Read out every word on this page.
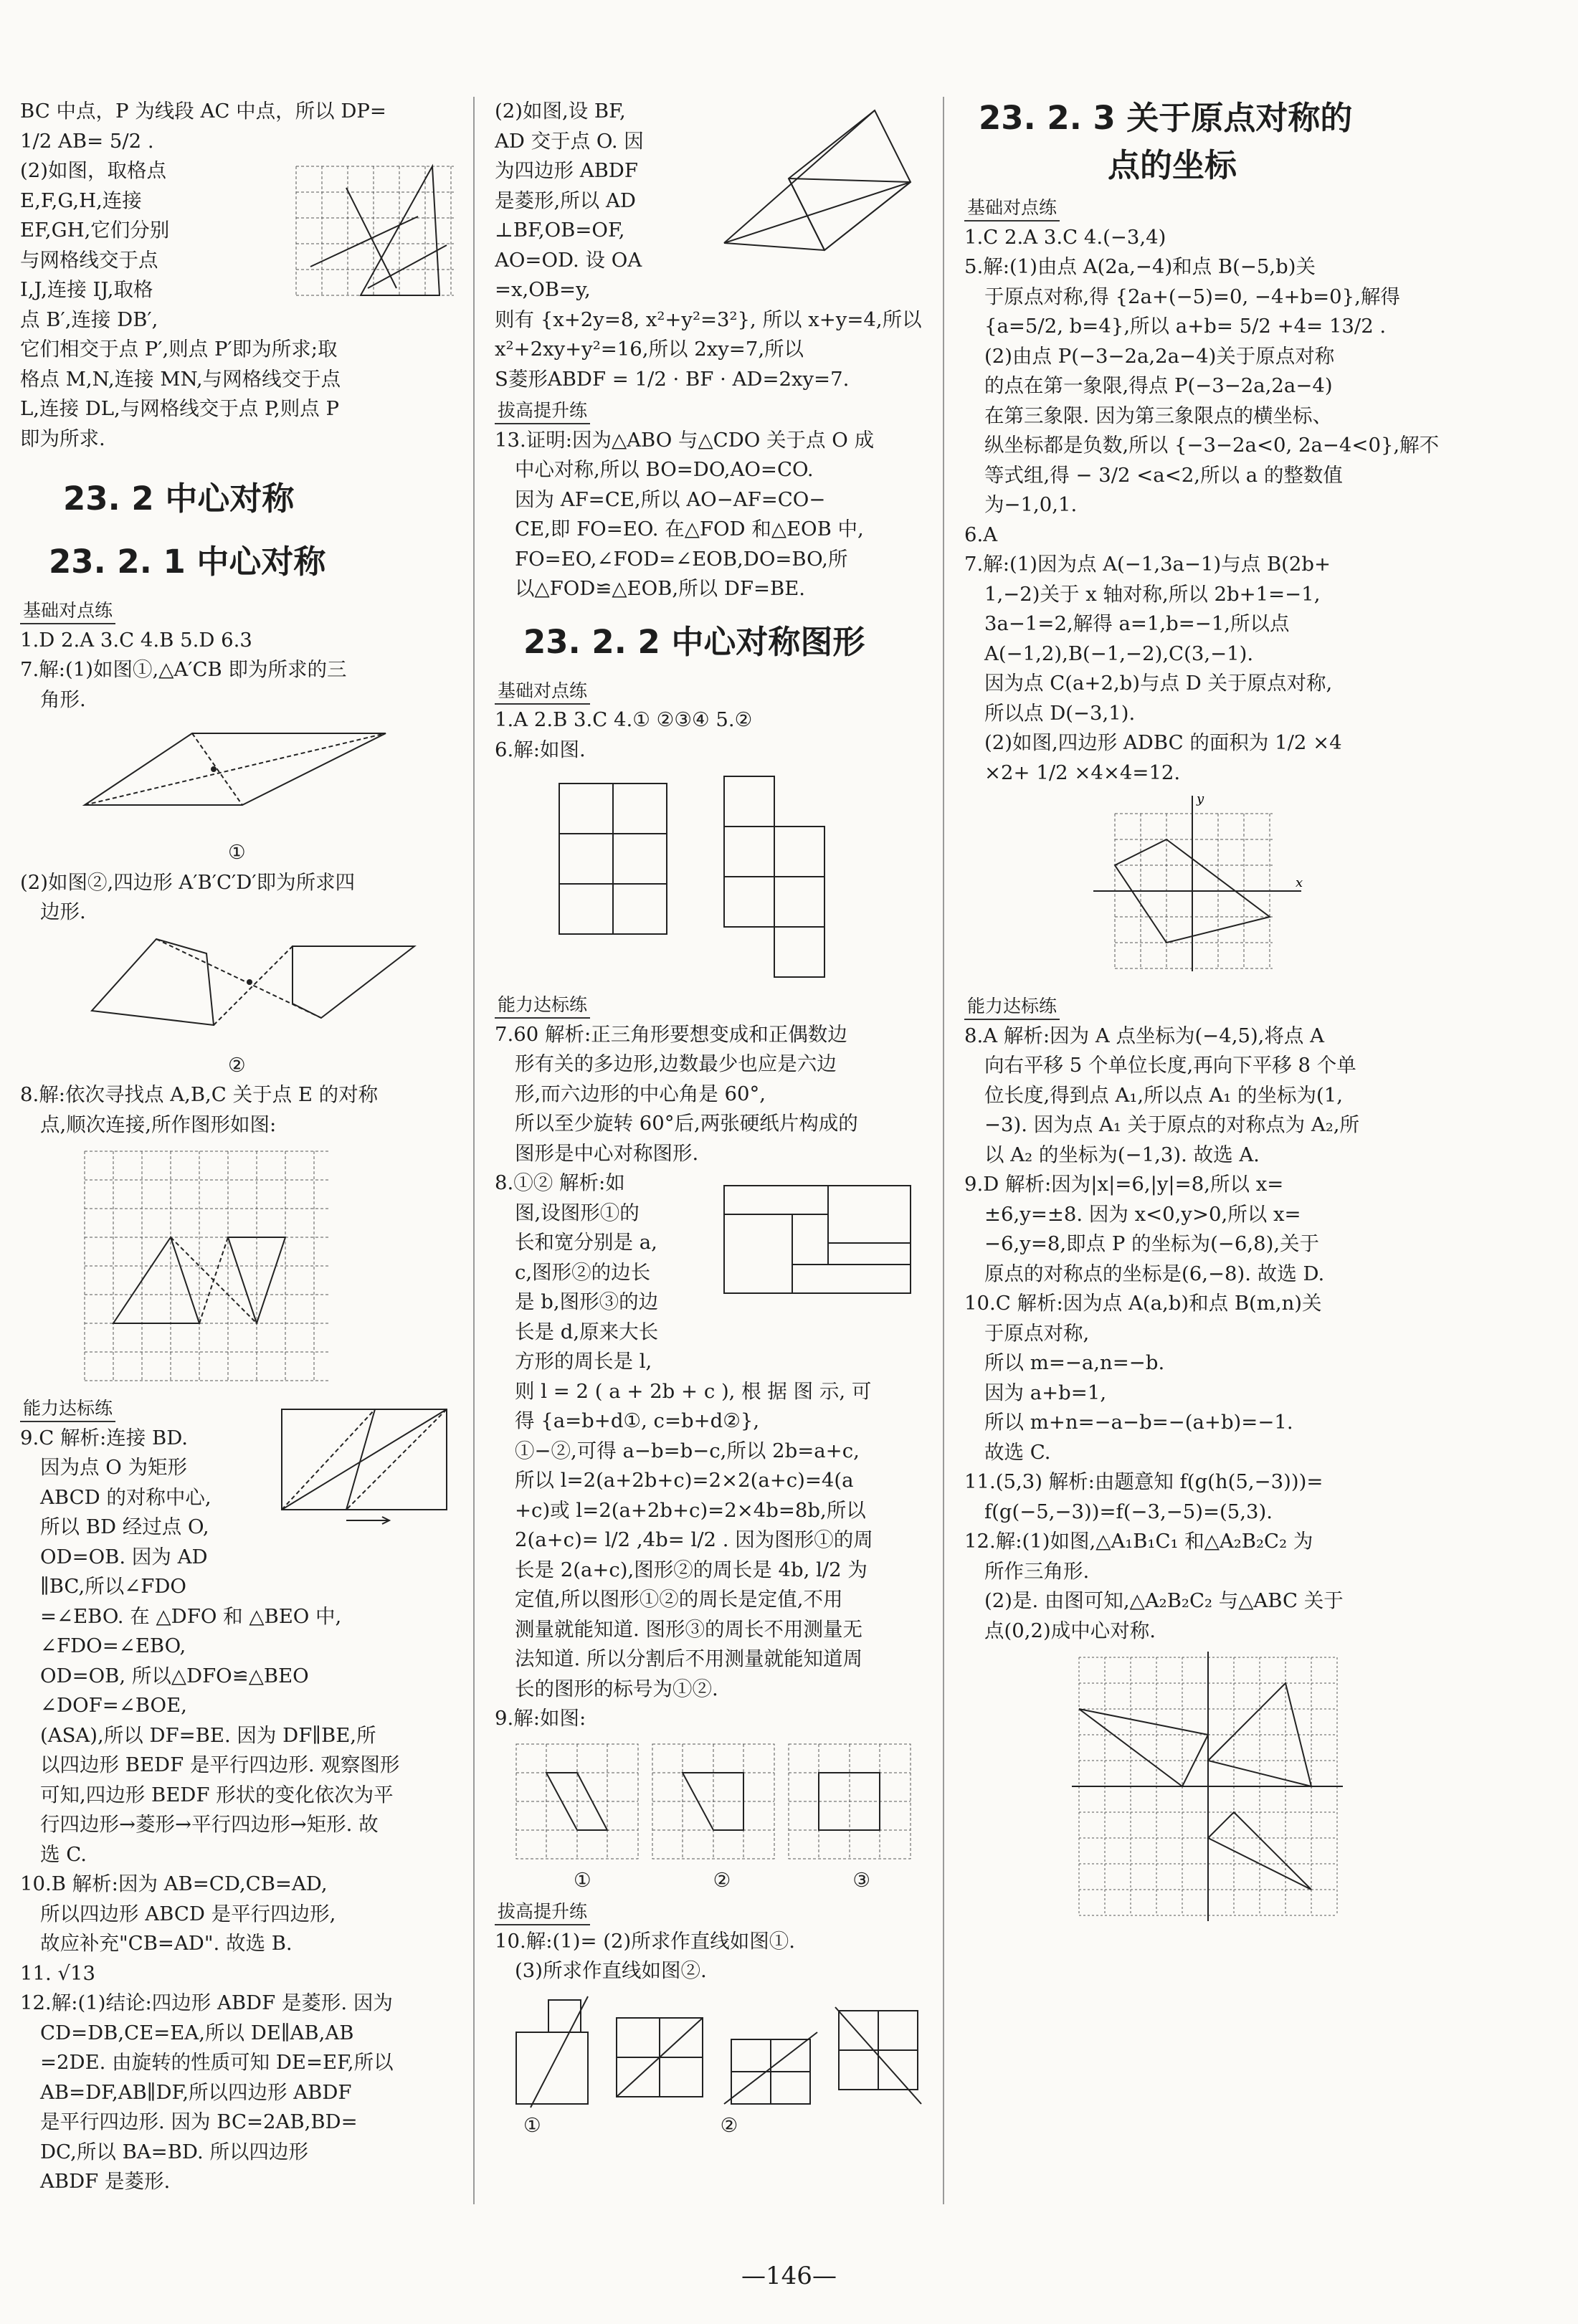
BC 中点，P 为线段 AC 中点，所以 DP=
1/2 AB= 5/2 .
(2)如图，取格点
E,F,G,H,连接
EF,GH,它们分别
与网格线交于点
I,J,连接 IJ,取格
点 B′,连接 DB′,
它们相交于点 P′,则点 P′即为所求;取
格点 M,N,连接 MN,与网格线交于点
L,连接 DL,与网格线交于点 P,则点 P
即为所求.
23. 2 中心对称
23. 2. 1 中心对称
基础对点练
1.D 2.A 3.C 4.B 5.D 6.3
7.解:(1)如图①,△A′CB 即为所求的三
角形.
①
(2)如图②,四边形 A′B′C′D′即为所求四
边形.
②
8.解:依次寻找点 A,B,C 关于点 E 的对称
点,顺次连接,所作图形如图:
能力达标练
9.C 解析:连接 BD.
因为点 O 为矩形
ABCD 的对称中心,
所以 BD 经过点 O,
OD=OB. 因为 AD
∥BC,所以∠FDO
=∠EBO. 在 △DFO 和 △BEO 中,
∠FDO=∠EBO,
OD=OB, 所以△DFO≌△BEO
∠DOF=∠BOE,
(ASA),所以 DF=BE. 因为 DF∥BE,所
以四边形 BEDF 是平行四边形. 观察图形
可知,四边形 BEDF 形状的变化依次为平
行四边形→菱形→平行四边形→矩形. 故
选 C.
10.B 解析:因为 AB=CD,CB=AD,
所以四边形 ABCD 是平行四边形,
故应补充"CB=AD". 故选 B.
11. √13
12.解:(1)结论:四边形 ABDF 是菱形. 因为
CD=DB,CE=EA,所以 DE∥AB,AB
=2DE. 由旋转的性质可知 DE=EF,所以
AB=DF,AB∥DF,所以四边形 ABDF
是平行四边形. 因为 BC=2AB,BD=
DC,所以 BA=BD. 所以四边形
ABDF 是菱形.
(2)如图,设 BF,
AD 交于点 O. 因
为四边形 ABDF
是菱形,所以 AD
⊥BF,OB=OF,
AO=OD. 设 OA
=x,OB=y,
则有 {x+2y=8, x²+y²=3²}, 所以 x+y=4,所以
x²+2xy+y²=16,所以 2xy=7,所以
S菱形ABDF = 1/2 · BF · AD=2xy=7.
拔高提升练
13.证明:因为△ABO 与△CDO 关于点 O 成
中心对称,所以 BO=DO,AO=CO.
因为 AF=CE,所以 AO−AF=CO−
CE,即 FO=EO. 在△FOD 和△EOB 中,
FO=EO,∠FOD=∠EOB,DO=BO,所
以△FOD≌△EOB,所以 DF=BE.
23. 2. 2 中心对称图形
基础对点练
1.A 2.B 3.C 4.① ②③④ 5.②
6.解:如图.
能力达标练
7.60 解析:正三角形要想变成和正偶数边
形有关的多边形,边数最少也应是六边
形,而六边形的中心角是 60°,
所以至少旋转 60°后,两张硬纸片构成的
图形是中心对称图形.
8.①② 解析:如
图,设图形①的
长和宽分别是 a,
c,图形②的边长
是 b,图形③的边
长是 d,原来大长
方形的周长是 l,
则 l = 2 ( a + 2b + c ), 根 据 图 示, 可
得 {a=b+d①, c=b+d②},
①−②,可得 a−b=b−c,所以 2b=a+c,
所以 l=2(a+2b+c)=2×2(a+c)=4(a
+c)或 l=2(a+2b+c)=2×4b=8b,所以
2(a+c)= l/2 ,4b= l/2 . 因为图形①的周
长是 2(a+c),图形②的周长是 4b, l/2 为
定值,所以图形①②的周长是定值,不用
测量就能知道. 图形③的周长不用测量无
法知道. 所以分割后不用测量就能知道周
长的图形的标号为①②.
9.解:如图:
①	②	③
拔高提升练
10.解:(1)= (2)所求作直线如图①.
(3)所求作直线如图②.
①	②
23. 2. 3 关于原点对称的
点的坐标
基础对点练
1.C 2.A 3.C 4.(−3,4)
5.解:(1)由点 A(2a,−4)和点 B(−5,b)关
于原点对称,得 {2a+(−5)=0, −4+b=0},解得
{a=5/2, b=4},所以 a+b= 5/2 +4= 13/2 .
(2)由点 P(−3−2a,2a−4)关于原点对称
的点在第一象限,得点 P(−3−2a,2a−4)
在第三象限. 因为第三象限点的横坐标、
纵坐标都是负数,所以 {−3−2a<0, 2a−4<0},解不
等式组,得 − 3/2 <a<2,所以 a 的整数值
为−1,0,1.
6.A
7.解:(1)因为点 A(−1,3a−1)与点 B(2b+
1,−2)关于 x 轴对称,所以 2b+1=−1,
3a−1=2,解得 a=1,b=−1,所以点
A(−1,2),B(−1,−2),C(3,−1).
因为点 C(a+2,b)与点 D 关于原点对称,
所以点 D(−3,1).
(2)如图,四边形 ADBC 的面积为 1/2 ×4
×2+ 1/2 ×4×4=12.
x
y
能力达标练
8.A 解析:因为 A 点坐标为(−4,5),将点 A
向右平移 5 个单位长度,再向下平移 8 个单
位长度,得到点 A₁,所以点 A₁ 的坐标为(1,
−3). 因为点 A₁ 关于原点的对称点为 A₂,所
以 A₂ 的坐标为(−1,3). 故选 A.
9.D 解析:因为|x|=6,|y|=8,所以 x=
±6,y=±8. 因为 x<0,y>0,所以 x=
−6,y=8,即点 P 的坐标为(−6,8),关于
原点的对称点的坐标是(6,−8). 故选 D.
10.C 解析:因为点 A(a,b)和点 B(m,n)关
于原点对称,
所以 m=−a,n=−b.
因为 a+b=1,
所以 m+n=−a−b=−(a+b)=−1.
故选 C.
11.(5,3) 解析:由题意知 f(g(h(5,−3)))=
f(g(−5,−3))=f(−3,−5)=(5,3).
12.解:(1)如图,△A₁B₁C₁ 和△A₂B₂C₂ 为
所作三角形.
(2)是. 由图可知,△A₂B₂C₂ 与△ABC 关于
点(0,2)成中心对称.
—146—
